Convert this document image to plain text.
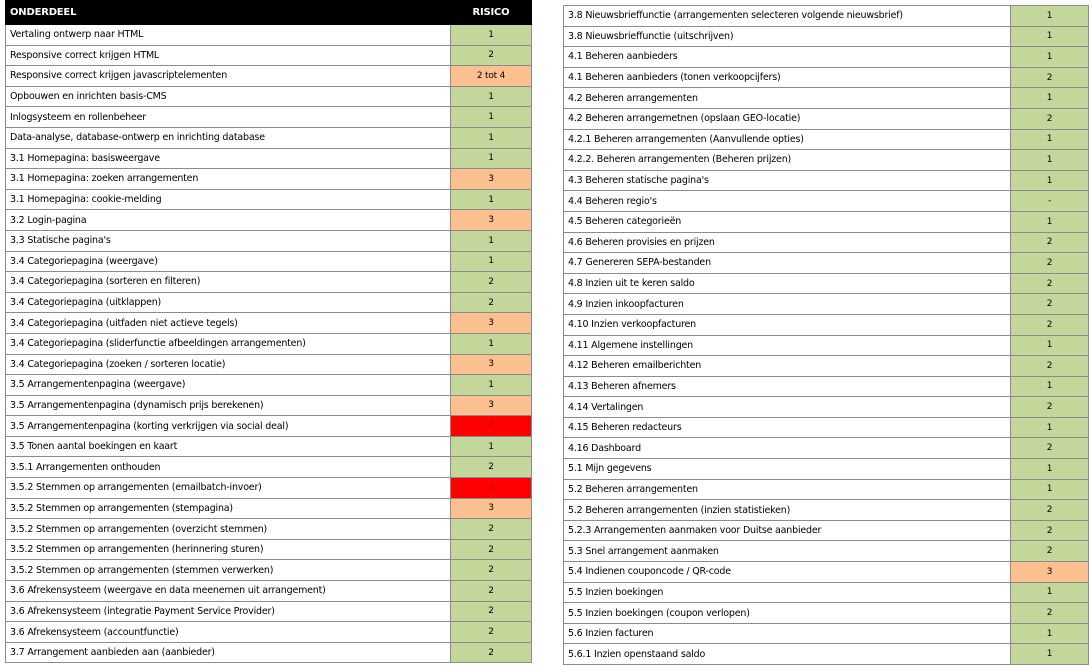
ONDERDEEL	RISICO
Vertaling ontwerp naar HTML	1
Responsive correct krijgen HTML	2
Responsive correct krijgen javascriptelementen	2 tot 4
Opbouwen en inrichten basis-CMS	1
Inlogsysteem en rollenbeheer	1
Data-analyse, database-ontwerp en inrichting database	1
3.1 Homepagina: basisweergave	1
3.1 Homepagina: zoeken arrangementen	3
3.1 Homepagina: cookie-melding	1
3.2 Login-pagina	3
3.3 Statische pagina's	1
3.4 Categoriepagina (weergave)	1
3.4 Categoriepagina (sorteren en filteren)	2
3.4 Categoriepagina (uitklappen)	2
3.4 Categoriepagina (uitfaden niet actieve tegels)	3
3.4 Categoriepagina (sliderfunctie afbeeldingen arrangementen)	1
3.4 Categoriepagina (zoeken / sorteren locatie)	3
3.5 Arrangementenpagina (weergave)	1
3.5 Arrangementenpagina (dynamisch prijs berekenen)	3
3.5 Arrangementenpagina (korting verkrijgen via social deal)	4
3.5 Tonen aantal boekingen en kaart	1
3.5.1 Arrangementen onthouden	2
3.5.2 Stemmen op arrangementen (emailbatch-invoer)	4
3.5.2 Stemmen op arrangementen (stempagina)	3
3.5.2 Stemmen op arrangementen (overzicht stemmen)	2
3.5.2 Stemmen op arrangementen (herinnering sturen)	2
3.5.2 Stemmen op arrangementen (stemmen verwerken)	2
3.6 Afrekensysteem (weergave en data meenemen uit arrangement)	2
3.6 Afrekensysteem (integratie Payment Service Provider)	2
3.6 Afrekensysteem (accountfunctie)	2
3.7 Arrangement aanbieden aan (aanbieder)	2
3.8 Nieuwsbrieffunctie (arrangementen selecteren volgende nieuwsbrief)	1
3.8 Nieuwsbrieffunctie (uitschrijven)	1
4.1 Beheren aanbieders	1
4.1 Beheren aanbieders (tonen verkoopcijfers)	2
4.2 Beheren arrangementen	1
4.2 Beheren arrangemetnen (opslaan GEO-locatie)	2
4.2.1 Beheren arrangementen (Aanvullende opties)	1
4.2.2. Beheren arrangementen (Beheren prijzen)	1
4.3 Beheren statische pagina's	1
4.4 Beheren regio's	-
4.5 Beheren categorieën	1
4.6 Beheren provisies en prijzen	2
4.7 Genereren SEPA-bestanden	2
4.8 Inzien uit te keren saldo	2
4.9 Inzien inkoopfacturen	2
4.10 Inzien verkoopfacturen	2
4.11 Algemene instellingen	1
4.12 Beheren emailberichten	2
4.13 Beheren afnemers	1
4.14 Vertalingen	2
4.15 Beheren redacteurs	1
4.16 Dashboard	2
5.1 Mijn gegevens	1
5.2 Beheren arrangementen	1
5.2 Beheren arrangementen (inzien statistieken)	2
5.2.3 Arrangementen aanmaken voor Duitse aanbieder	2
5.3 Snel arrangement aanmaken	2
5.4 Indienen couponcode / QR-code	3
5.5 Inzien boekingen	1
5.5 Inzien boekingen (coupon verlopen)	2
5.6 Inzien facturen	1
5.6.1 Inzien openstaand saldo	1
